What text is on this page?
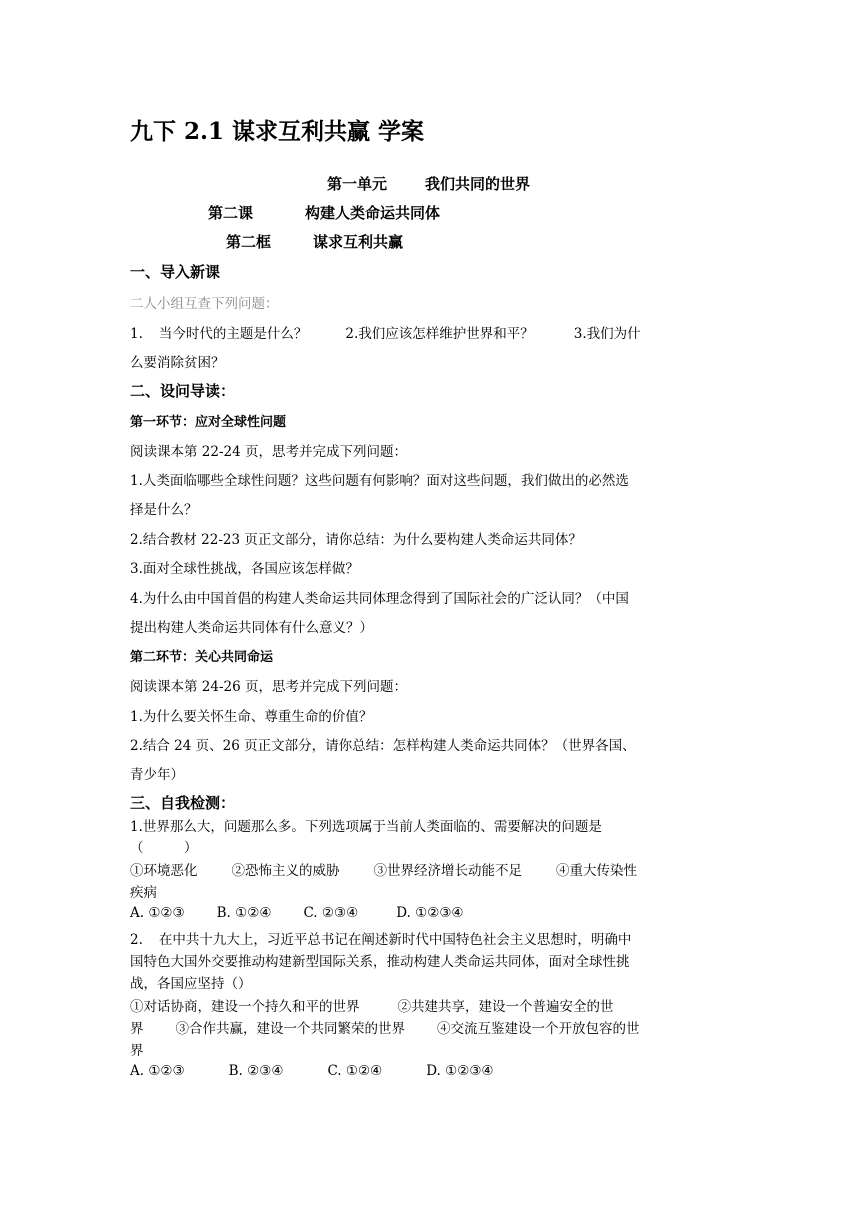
九下 2.1 谋求互利共赢 学案
第一单元	我们共同的世界
第二课	构建人类命运共同体
第二框	谋求互利共赢
一、导入新课
二人小组互查下列问题：
1. 当今时代的主题是什么？	2.我们应该怎样维护世界和平？	3.我们为什
么要消除贫困？
二、设问导读：
第一环节：应对全球性问题
阅读课本第 22-24 页，思考并完成下列问题：
1.人类面临哪些全球性问题？这些问题有何影响？面对这些问题，我们做出的必然选
择是什么？
2.结合教材 22-23 页正文部分，请你总结：为什么要构建人类命运共同体？
3.面对全球性挑战，各国应该怎样做？
4.为什么由中国首倡的构建人类命运共同体理念得到了国际社会的广泛认同？（中国
提出构建人类命运共同体有什么意义？）
第二环节：关心共同命运
阅读课本第 24-26 页，思考并完成下列问题：
1.为什么要关怀生命、尊重生命的价值？
2.结合 24 页、26 页正文部分，请你总结：怎样构建人类命运共同体？（世界各国、
青少年）
三、自我检测：
1.世界那么大，问题那么多。下列选项属于当前人类面临的、需要解决的问题是
（　　　）
①环境恶化	②恐怖主义的威胁	③世界经济增长动能不足	④重大传染性
疾病
A. ①②③ B. ①②④ C. ②③④	D. ①②③④
2. 在中共十九大上，习近平总书记在阐述新时代中国特色社会主义思想时，明确中
国特色大国外交要推动构建新型国际关系，推动构建人类命运共同体，面对全球性挑
战，各国应坚持（）
①对话协商，建设一个持久和平的世界	②共建共享，建设一个普遍安全的世
界 ③合作共赢，建设一个共同繁荣的世界 ④交流互鉴建设一个开放包容的世
界
A. ①②③	B. ②③④	C. ①②④	D. ①②③④
